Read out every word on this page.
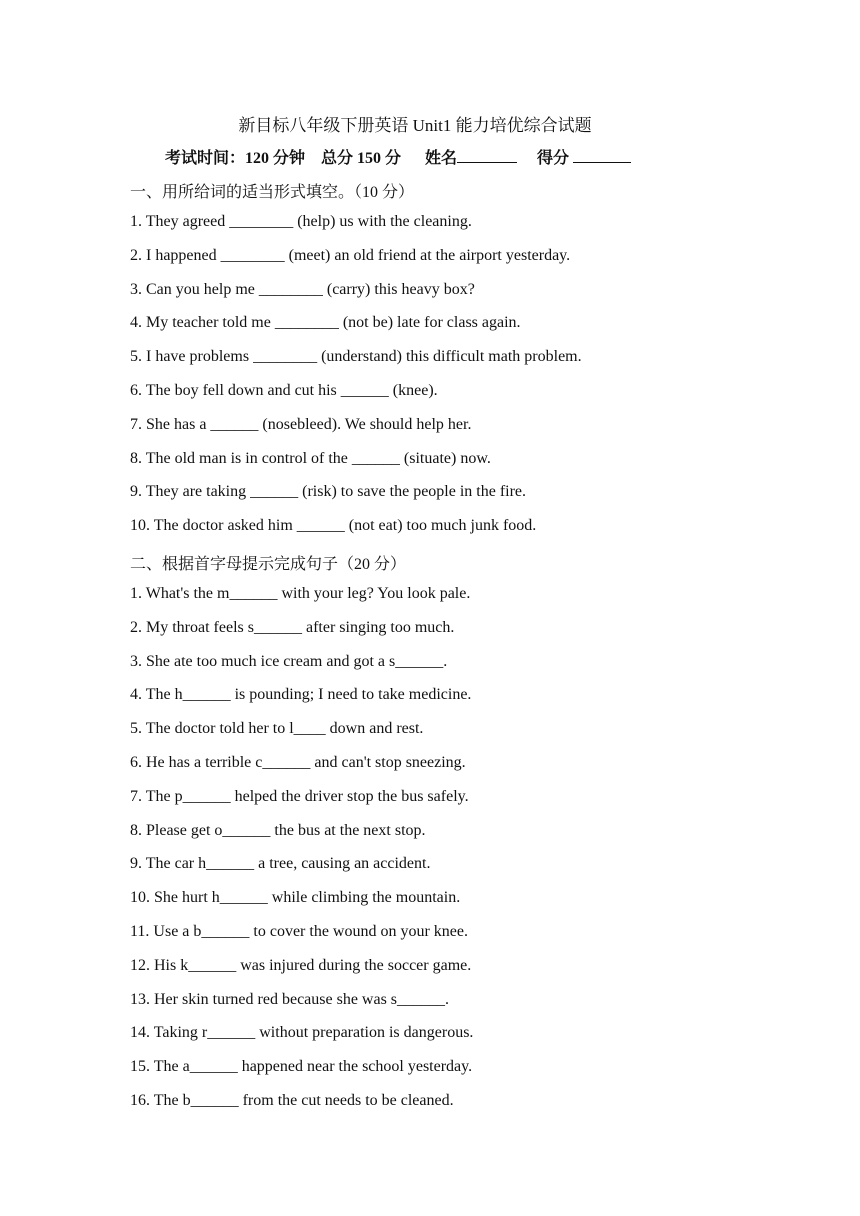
新目标八年级下册英语 Unit1 能力培优综合试题
考试时间：120 分钟 总分 150 分 姓名	得分
一、用所给词的适当形式填空。（10 分）
1. They agreed ________ (help) us with the cleaning.
2. I happened ________ (meet) an old friend at the airport yesterday.
3. Can you help me ________ (carry) this heavy box?
4. My teacher told me ________ (not be) late for class again.
5. I have problems ________ (understand) this difficult math problem.
6. The boy fell down and cut his ______ (knee).
7. She has a ______ (nosebleed). We should help her.
8. The old man is in control of the ______ (situate) now.
9. They are taking ______ (risk) to save the people in the fire.
10. The doctor asked him ______ (not eat) too much junk food.
二、根据首字母提示完成句子（20 分）
1. What's the m______ with your leg? You look pale.
2. My throat feels s______ after singing too much.
3. She ate too much ice cream and got a s______.
4. The h______ is pounding; I need to take medicine.
5. The doctor told her to l____ down and rest.
6. He has a terrible c______ and can't stop sneezing.
7. The p______ helped the driver stop the bus safely.
8. Please get o______ the bus at the next stop.
9. The car h______ a tree, causing an accident.
10. She hurt h______ while climbing the mountain.
11. Use a b______ to cover the wound on your knee.
12. His k______ was injured during the soccer game.
13. Her skin turned red because she was s______.
14. Taking r______ without preparation is dangerous.
15. The a______ happened near the school yesterday.
16. The b______ from the cut needs to be cleaned.
